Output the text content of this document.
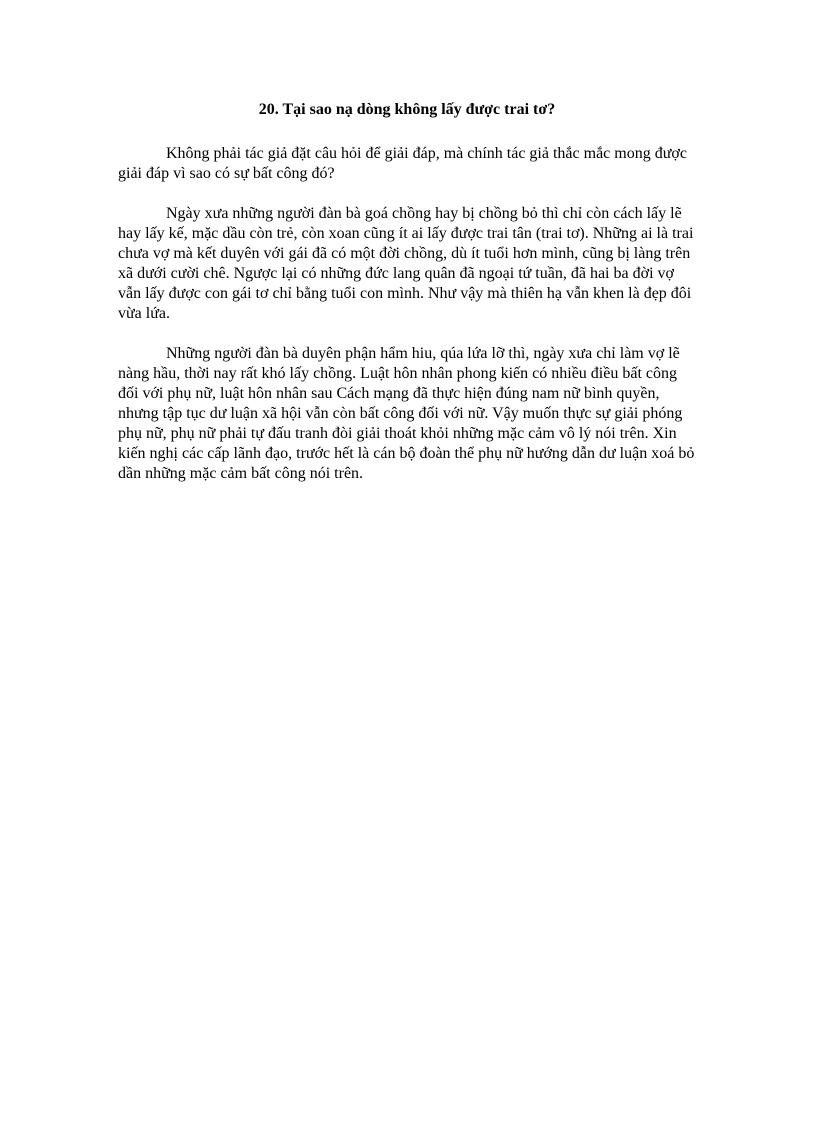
20. Tại sao nạ dòng không lấy được trai tơ?

Không phải tác giả đặt câu hỏi để giải đáp, mà chính tác giả thắc mắc mong được giải đáp vì sao có sự bất công đó?

Ngày xưa những người đàn bà goá chồng hay bị chồng bỏ thì chỉ còn cách lấy lẽ hay lấy kế, mặc dầu còn trẻ, còn xoan cũng ít ai lấy được trai tân (trai tơ). Những ai là trai chưa vợ mà kết duyên với gái đã có một đời chồng, dù ít tuổi hơn mình, cũng bị làng trên xã dưới cười chê. Ngược lại có những đức lang quân đã ngoại tứ tuần, đã hai ba đời vợ vẫn lấy được con gái tơ chỉ bằng tuổi con mình. Như vậy mà thiên hạ vẫn khen là đẹp đôi vừa lứa.

Những người đàn bà duyên phận hẩm hiu, qúa lứa lỡ thì, ngày xưa chỉ làm vợ lẽ nàng hầu, thời nay rất khó lấy chồng. Luật hôn nhân phong kiến có nhiều điều bất công đối với phụ nữ, luật hôn nhân sau Cách mạng đã thực hiện đúng nam nữ bình quyền, nhưng tập tục dư luận xã hội vẫn còn bất công đối với nữ. Vậy muốn thực sự giải phóng phụ nữ, phụ nữ phải tự đấu tranh đòi giải thoát khỏi những mặc cảm vô lý nói trên. Xin kiến nghị các cấp lãnh đạo, trước hết là cán bộ đoàn thể phụ nữ hướng dẫn dư luận xoá bỏ dần những mặc cảm bất công nói trên.
